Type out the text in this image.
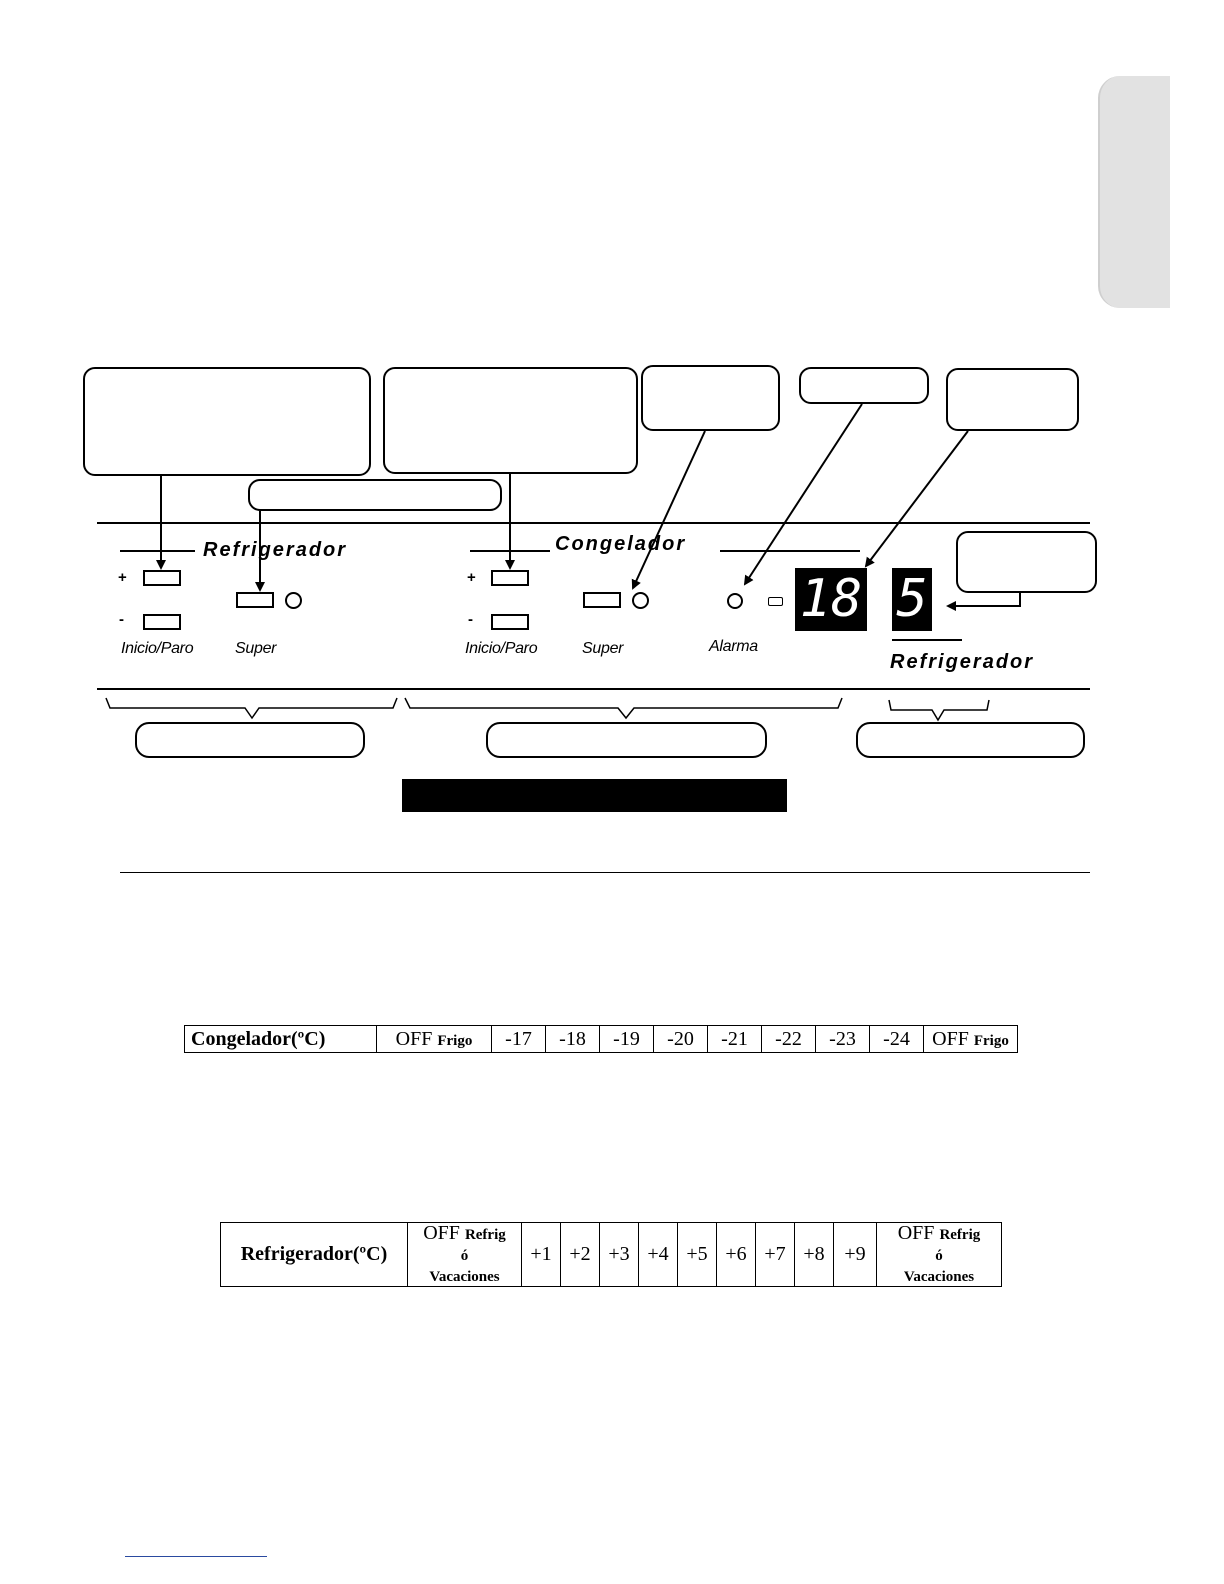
Refrigerador
+
-
Inicio/Paro	Super
Congelador
+
-
Inicio/Paro	Super	Alarma
18 5
Refrigerador
Congelador(ºC)	OFF Frigo	-17	-18	-19	-20	-21	-22	-23	-24	OFF Frigo
Refrigerador(ºC)	OFF Refrig
ó
Vacaciones	+1	+2	+3	+4	+5	+6	+7	+8	+9	OFF Refrig
ó
Vacaciones
